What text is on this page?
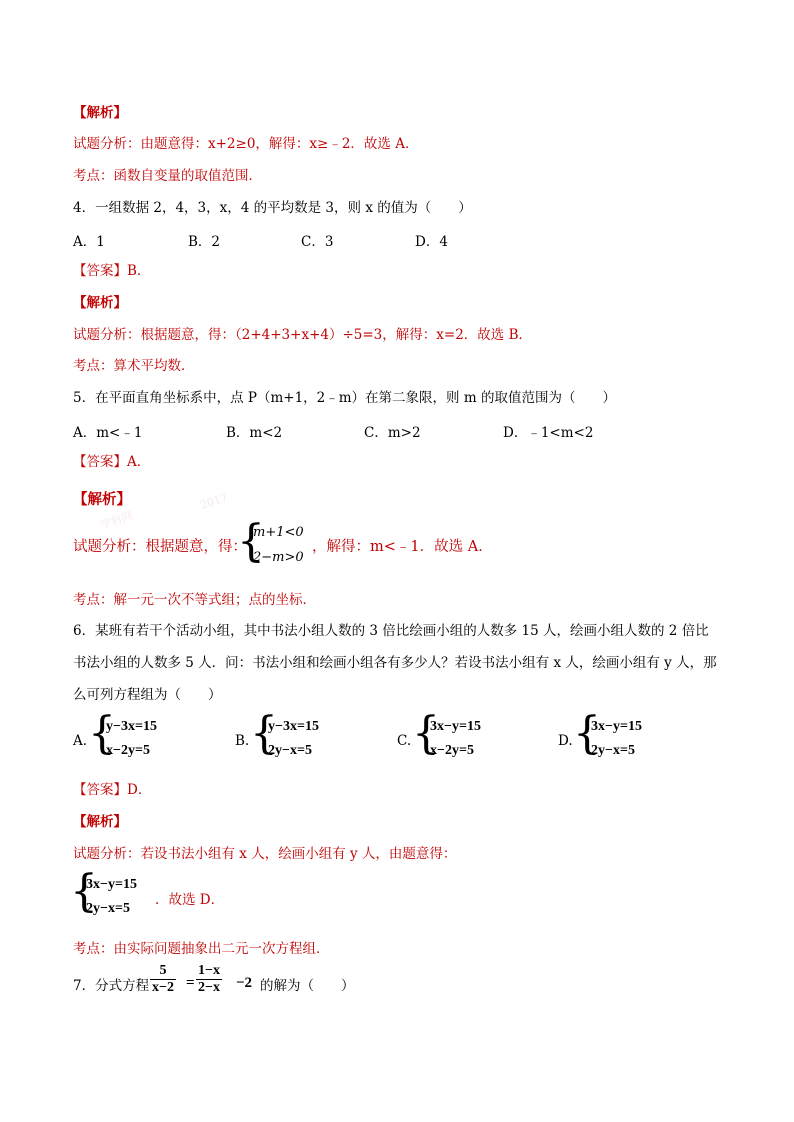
【解析】
试题分析：由题意得：x+2≥0，解得：x≥﹣2．故选 A．
考点：函数自变量的取值范围．
4．一组数据 2，4，3，x，4 的平均数是 3，则 x 的值为（　　）
A．1	B．2	C．3	D．4
【答案】B．
【解析】
试题分析：根据题意，得：（2+4+3+x+4）÷5=3，解得：x=2．故选 B．
考点：算术平均数．
5．在平面直角坐标系中，点 P（m+1，2﹣m）在第二象限，则 m 的取值范围为（　　）
A．m<﹣1	B．m<2	C．m>2	D．﹣1<m<2
【答案】A．
【解析】
学科网
2017
试题分析：根据题意，得：
{
m+1<0
2−m>0
，解得：m<﹣1．故选 A．
考点：解一元一次不等式组；点的坐标．
6．某班有若干个活动小组，其中书法小组人数的 3 倍比绘画小组的人数多 15 人，绘画小组人数的 2 倍比
书法小组的人数多 5 人．问：书法小组和绘画小组各有多少人？若设书法小组有 x 人，绘画小组有 y 人，那
么可列方程组为（　　）
A. {
y−3x=15
x−2y=5
B. {
y−3x=15
2y−x=5
C. {
3x−y=15
x−2y=5
D. {
3x−y=15
2y−x=5
【答案】D．
【解析】
试题分析：若设书法小组有 x 人，绘画小组有 y 人，由题意得：
{
3x−y=15
2y−x=5
．故选 D．
考点：由实际问题抽象出二元一次方程组．
7．分式方程 $\frac{5}{x-2} = \frac{1-x}{2-x} -2$ 的解为（　　）
